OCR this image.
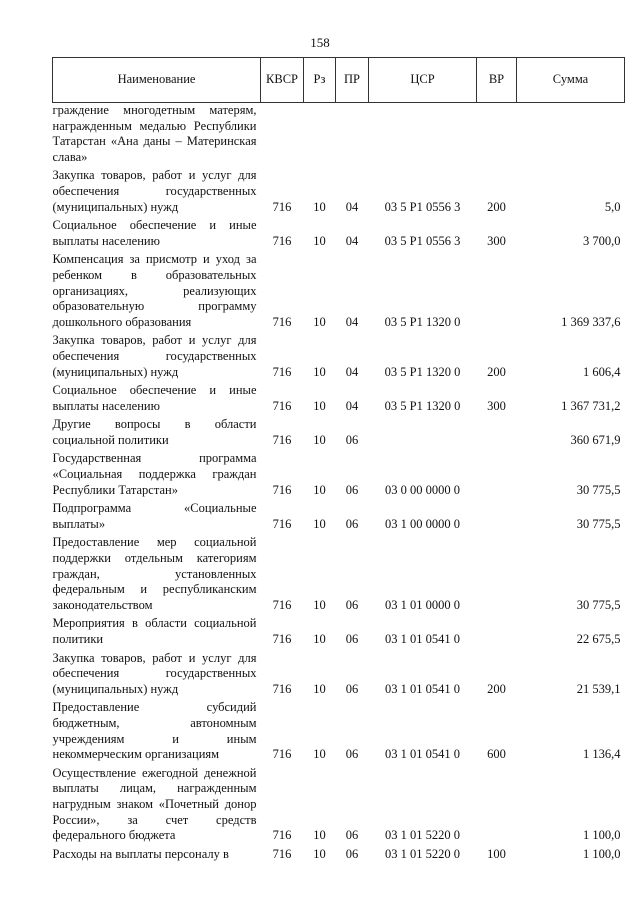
158
Наименование	КВСР	Рз	ПР	ЦСР	ВР	Сумма
граждение многодетным матерям, награжденным медалью Республики Татарстан «Ана даны – Материнская слава»						
Закупка товаров, работ и услуг для обеспечения государственных (муниципальных) нужд	716	10	04	03 5 Р1 0556 3	200	5,0
Социальное обеспечение и иные выплаты населению	716	10	04	03 5 Р1 0556 3	300	3 700,0
Компенсация за присмотр и уход за ребенком в образовательных организациях, реализующих образовательную программу дошкольного образования	716	10	04	03 5 Р1 1320 0		1 369 337,6
Закупка товаров, работ и услуг для обеспечения государственных (муниципальных) нужд	716	10	04	03 5 Р1 1320 0	200	1 606,4
Социальное обеспечение и иные выплаты населению	716	10	04	03 5 Р1 1320 0	300	1 367 731,2
Другие вопросы в области социальной политики	716	10	06			360 671,9
Государственная программа «Социальная поддержка граждан Республики Татарстан»	716	10	06	03 0 00 0000 0		30 775,5
Подпрограмма «Социальные выплаты»	716	10	06	03 1 00 0000 0		30 775,5
Предоставление мер социальной поддержки отдельным категориям граждан, установленных федеральным и республиканским законодательством	716	10	06	03 1 01 0000 0		30 775,5
Мероприятия в области социальной политики	716	10	06	03 1 01 0541 0		22 675,5
Закупка товаров, работ и услуг для обеспечения государственных (муниципальных) нужд	716	10	06	03 1 01 0541 0	200	21 539,1
Предоставление субсидий бюджетным, автономным учреждениям и иным некоммерческим организациям	716	10	06	03 1 01 0541 0	600	1 136,4
Осуществление ежегодной денежной выплаты лицам, награжденным нагрудным знаком «Почетный донор России», за счет средств федерального бюджета	716	10	06	03 1 01 5220 0		1 100,0
Расходы на выплаты персоналу в	716	10	06	03 1 01 5220 0	100	1 100,0
